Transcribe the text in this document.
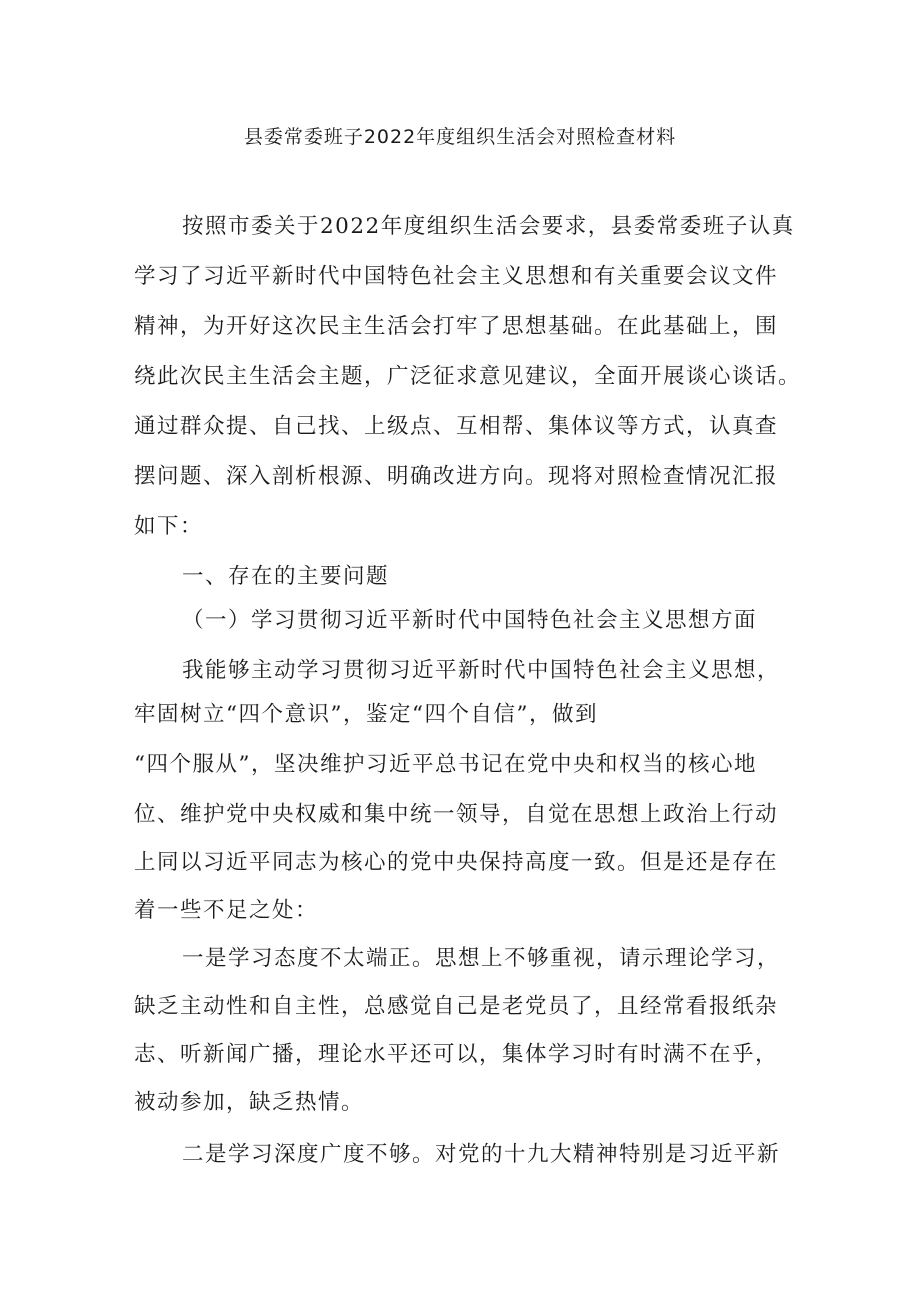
县委常委班子2022年度组织生活会对照检查材料
按照市委关于2022年度组织生活会要求，县委常委班子认真
学习了习近平新时代中国特色社会主义思想和有关重要会议文件
精神，为开好这次民主生活会打牢了思想基础。在此基础上，围
绕此次民主生活会主题，广泛征求意见建议，全面开展谈心谈话。
通过群众提、自己找、上级点、互相帮、集体议等方式，认真查
摆问题、深入剖析根源、明确改进方向。现将对照检查情况汇报
如下：
一、存在的主要问题
（一）学习贯彻习近平新时代中国特色社会主义思想方面
我能够主动学习贯彻习近平新时代中国特色社会主义思想，
牢固树立“四个意识”，鉴定“四个自信”，做到
“四个服从”，坚决维护习近平总书记在党中央和权当的核心地
位、维护党中央权威和集中统一领导，自觉在思想上政治上行动
上同以习近平同志为核心的党中央保持高度一致。但是还是存在
着一些不足之处：
一是学习态度不太端正。思想上不够重视，请示理论学习，
缺乏主动性和自主性，总感觉自己是老党员了，且经常看报纸杂
志、听新闻广播，理论水平还可以，集体学习时有时满不在乎，
被动参加，缺乏热情。
二是学习深度广度不够。对党的十九大精神特别是习近平新
